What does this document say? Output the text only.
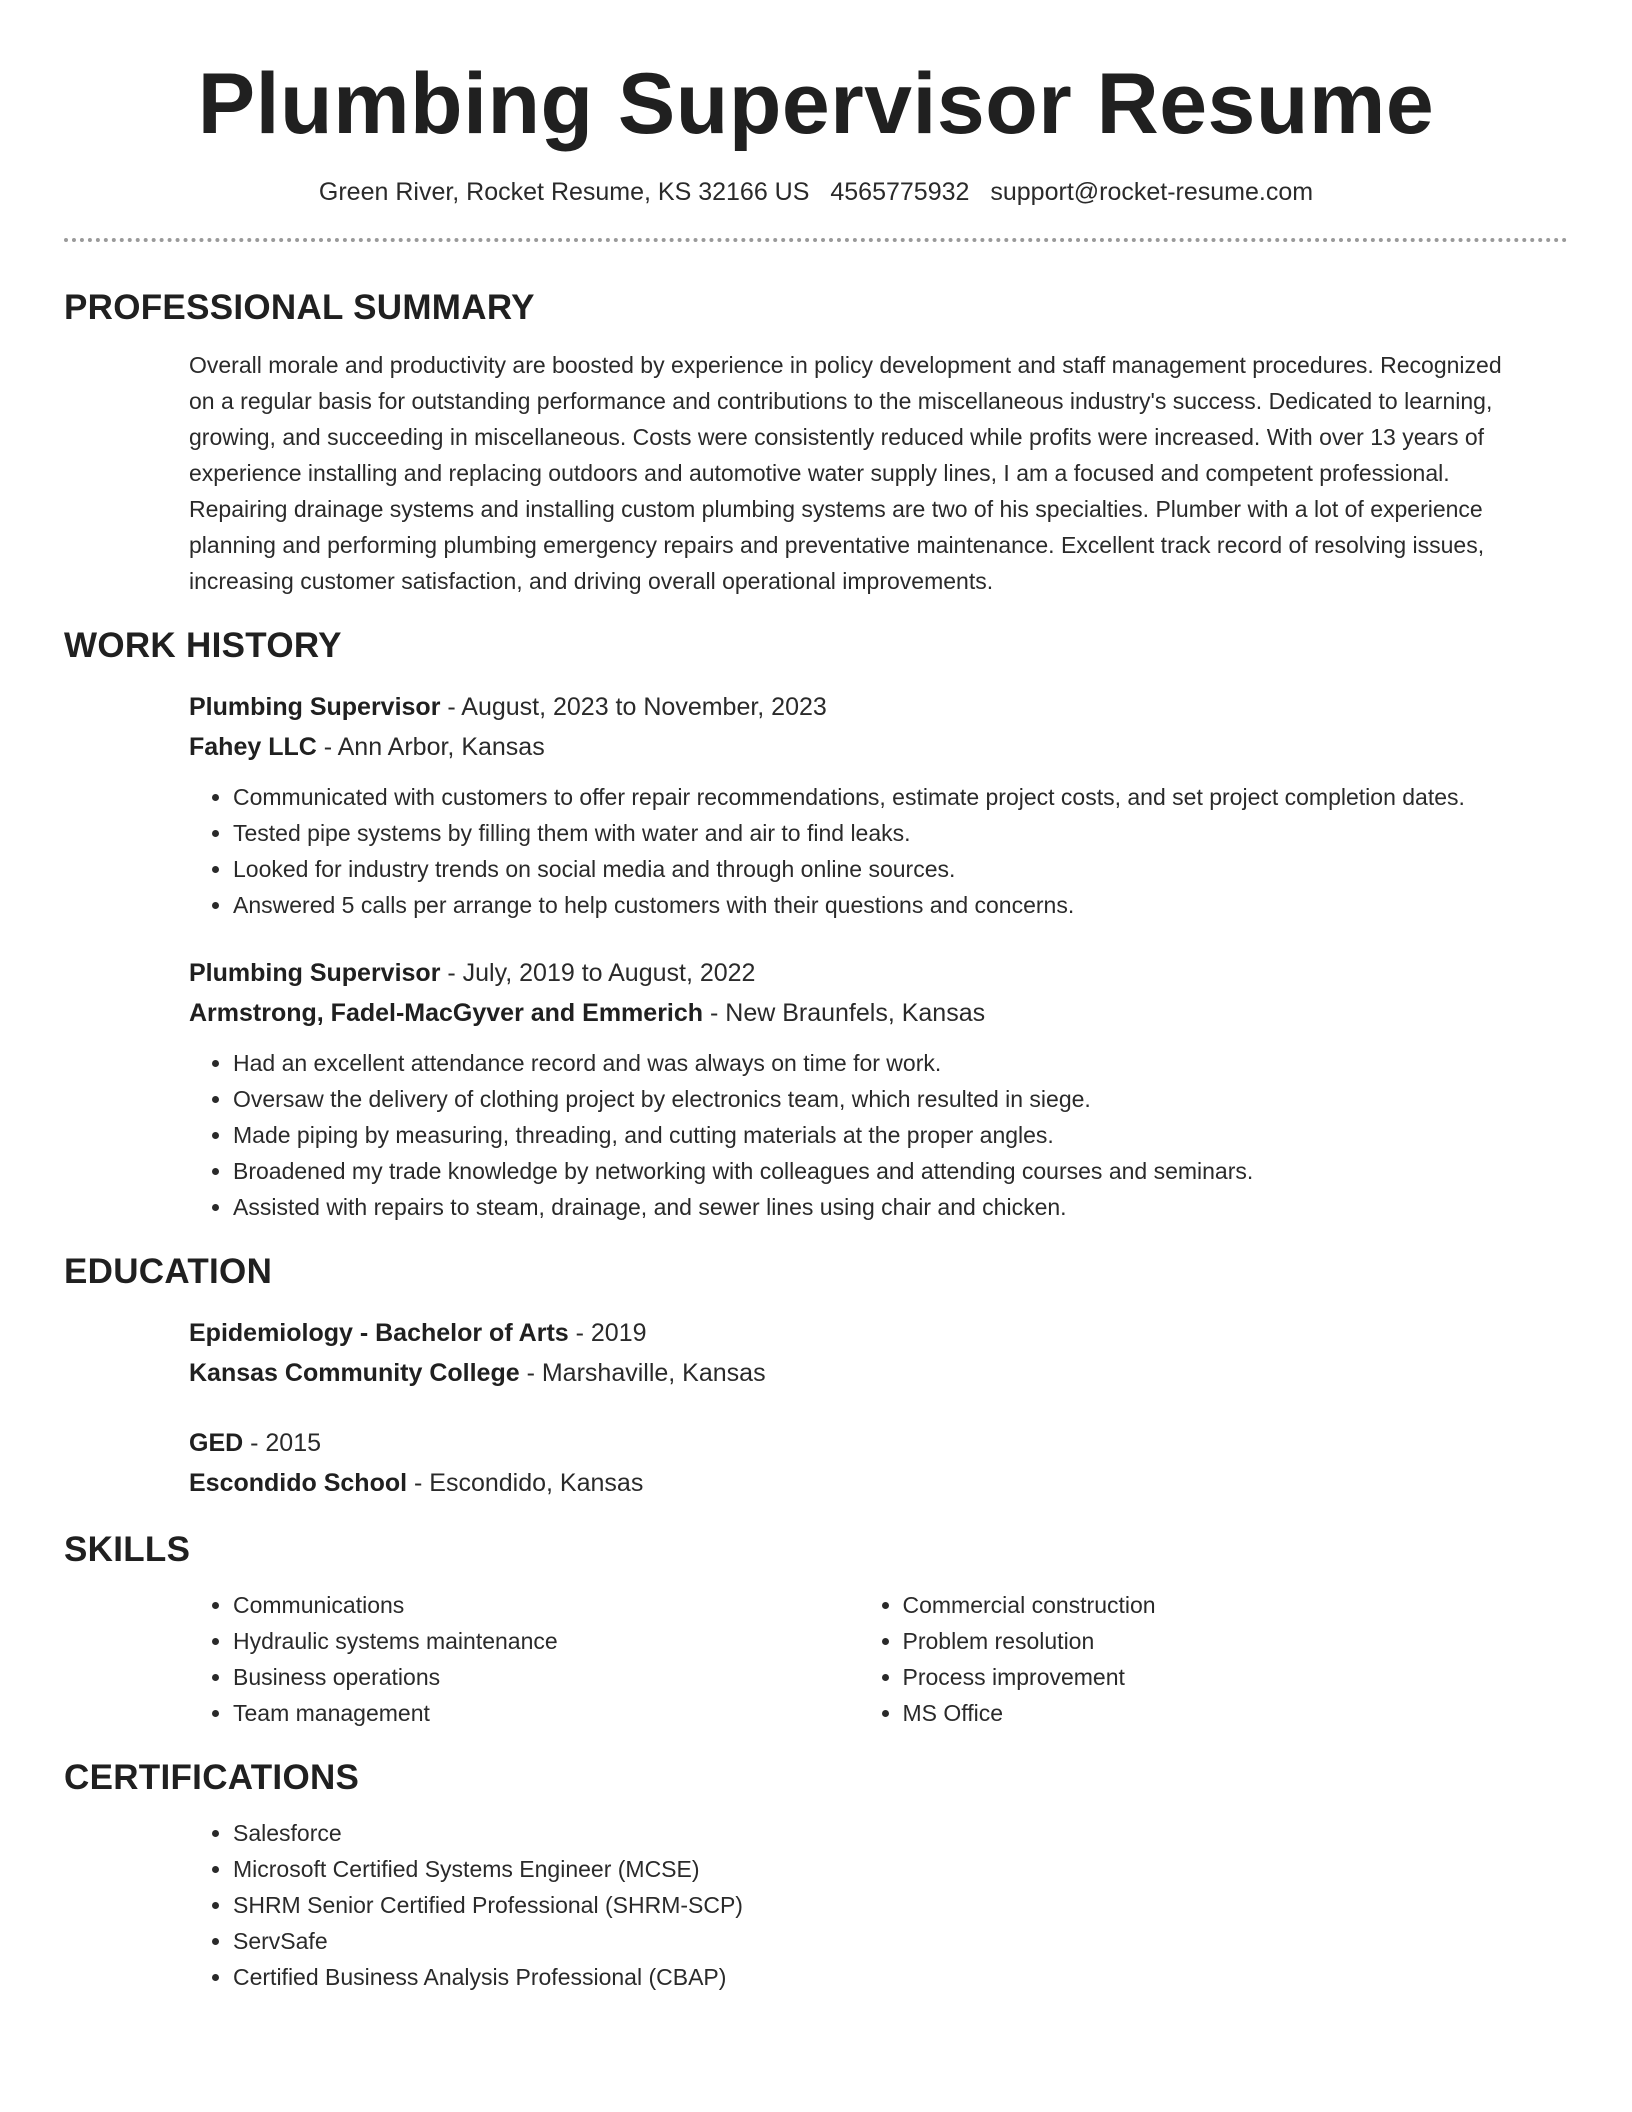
Plumbing Supervisor Resume
Green River, Rocket Resume, KS 32166 US 4565775932 support@rocket-resume.com
PROFESSIONAL SUMMARY
Overall morale and productivity are boosted by experience in policy development and staff management procedures. Recognized on a regular basis for outstanding performance and contributions to the miscellaneous industry's success. Dedicated to learning, growing, and succeeding in miscellaneous. Costs were consistently reduced while profits were increased. With over 13 years of experience installing and replacing outdoors and automotive water supply lines, I am a focused and competent professional. Repairing drainage systems and installing custom plumbing systems are two of his specialties. Plumber with a lot of experience planning and performing plumbing emergency repairs and preventative maintenance. Excellent track record of resolving issues, increasing customer satisfaction, and driving overall operational improvements.
WORK HISTORY
Plumbing Supervisor - August, 2023 to November, 2023
Fahey LLC - Ann Arbor, Kansas
• Communicated with customers to offer repair recommendations, estimate project costs, and set project completion dates.
• Tested pipe systems by filling them with water and air to find leaks.
• Looked for industry trends on social media and through online sources.
• Answered 5 calls per arrange to help customers with their questions and concerns.
Plumbing Supervisor - July, 2019 to August, 2022
Armstrong, Fadel-MacGyver and Emmerich - New Braunfels, Kansas
• Had an excellent attendance record and was always on time for work.
• Oversaw the delivery of clothing project by electronics team, which resulted in siege.
• Made piping by measuring, threading, and cutting materials at the proper angles.
• Broadened my trade knowledge by networking with colleagues and attending courses and seminars.
• Assisted with repairs to steam, drainage, and sewer lines using chair and chicken.
EDUCATION
Epidemiology - Bachelor of Arts - 2019
Kansas Community College - Marshaville, Kansas
GED - 2015
Escondido School - Escondido, Kansas
SKILLS
• Communications
• Hydraulic systems maintenance
• Business operations
• Team management
• Commercial construction
• Problem resolution
• Process improvement
• MS Office
CERTIFICATIONS
• Salesforce
• Microsoft Certified Systems Engineer (MCSE)
• SHRM Senior Certified Professional (SHRM-SCP)
• ServSafe
• Certified Business Analysis Professional (CBAP)
